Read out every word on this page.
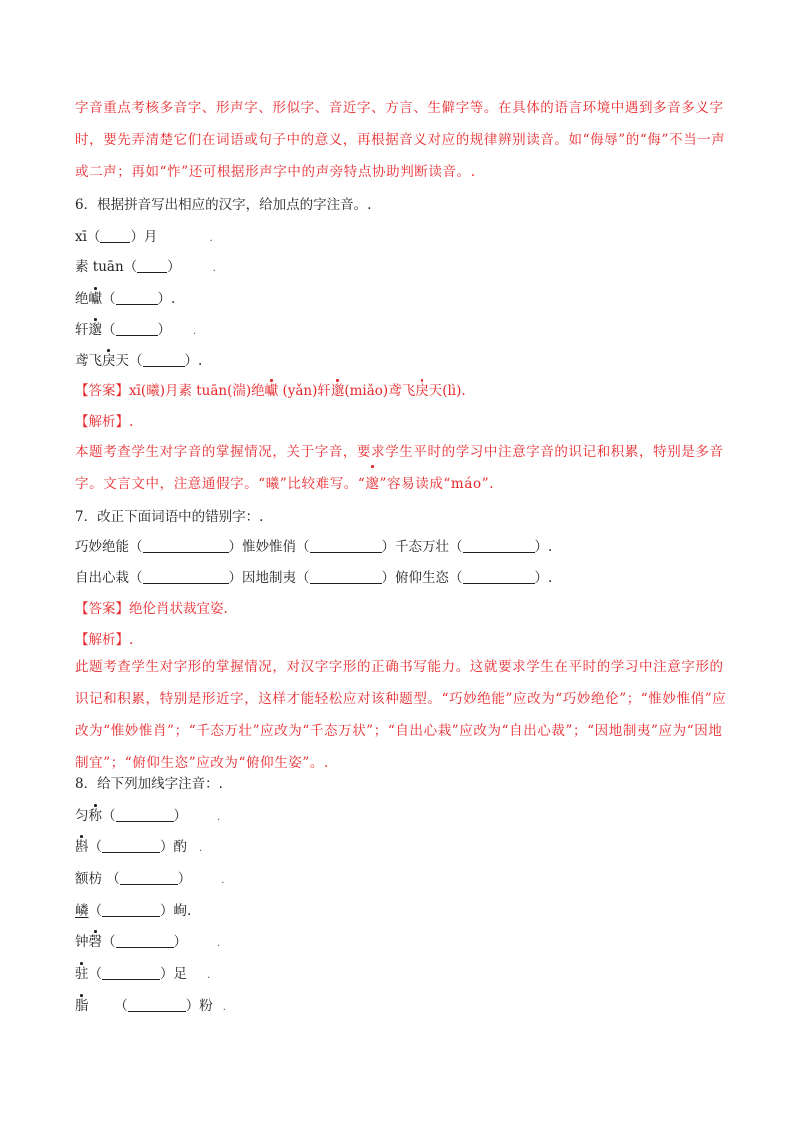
字音重点考核多音字、形声字、形似字、音近字、方言、生僻字等。在具体的语言环境中遇到多音多义字时，要先弄清楚它们在词语或句子中的意义，再根据音义对应的规律辨别读音。如“侮辱”的“侮”不当一声或二声；再如“怍”还可根据形声字中的声旁特点协助判断读音。.
6．根据拼音写出相应的汉字，给加点的字注音。.
xī（ ）月	.
素 tuān（ ）	.
绝巘（	）.
轩邈（	） .
鸢飞戾天（	）.
【答案】xī(曦)月素 tuān(湍)绝巘 (yǎn)轩邈(miǎo)鸢飞戾天(lì).
【解析】.
本题考查学生对字音的掌握情况，关于字音，要求学生平时的学习中注意字音的识记和积累，特别是多音字。文言文中，注意通假字。“曦”比较难写。“邈”容易读成“máo”.
7．改正下面词语中的错别字：.
巧妙绝能（	）惟妙惟俏（	）千态万壮（	）.
自出心栽（	）因地制夷（	）俯仰生恣（	）.
【答案】绝伦肖状裁宜姿.
【解析】.
此题考查学生对字形的掌握情况，对汉字字形的正确书写能力。这就要求学生在平时的学习中注意字形的识记和积累，特别是形近字，这样才能轻松应对该种题型。“巧妙绝能”应改为“巧妙绝伦”；“惟妙惟俏”应改为“惟妙惟肖”；“千态万壮”应改为“千态万状”；“自出心栽”应改为“自出心裁”；“因地制夷”应为“因地制宜”；“俯仰生恣”应改为“俯仰生姿”。.
8．给下列加线字注音：.
匀称（	）	.
斟（	）酌 .
额枋 （	）	.
嶙（	）峋.
钟磬（	）	.
驻（	）足 .
脂      （	）粉 .
